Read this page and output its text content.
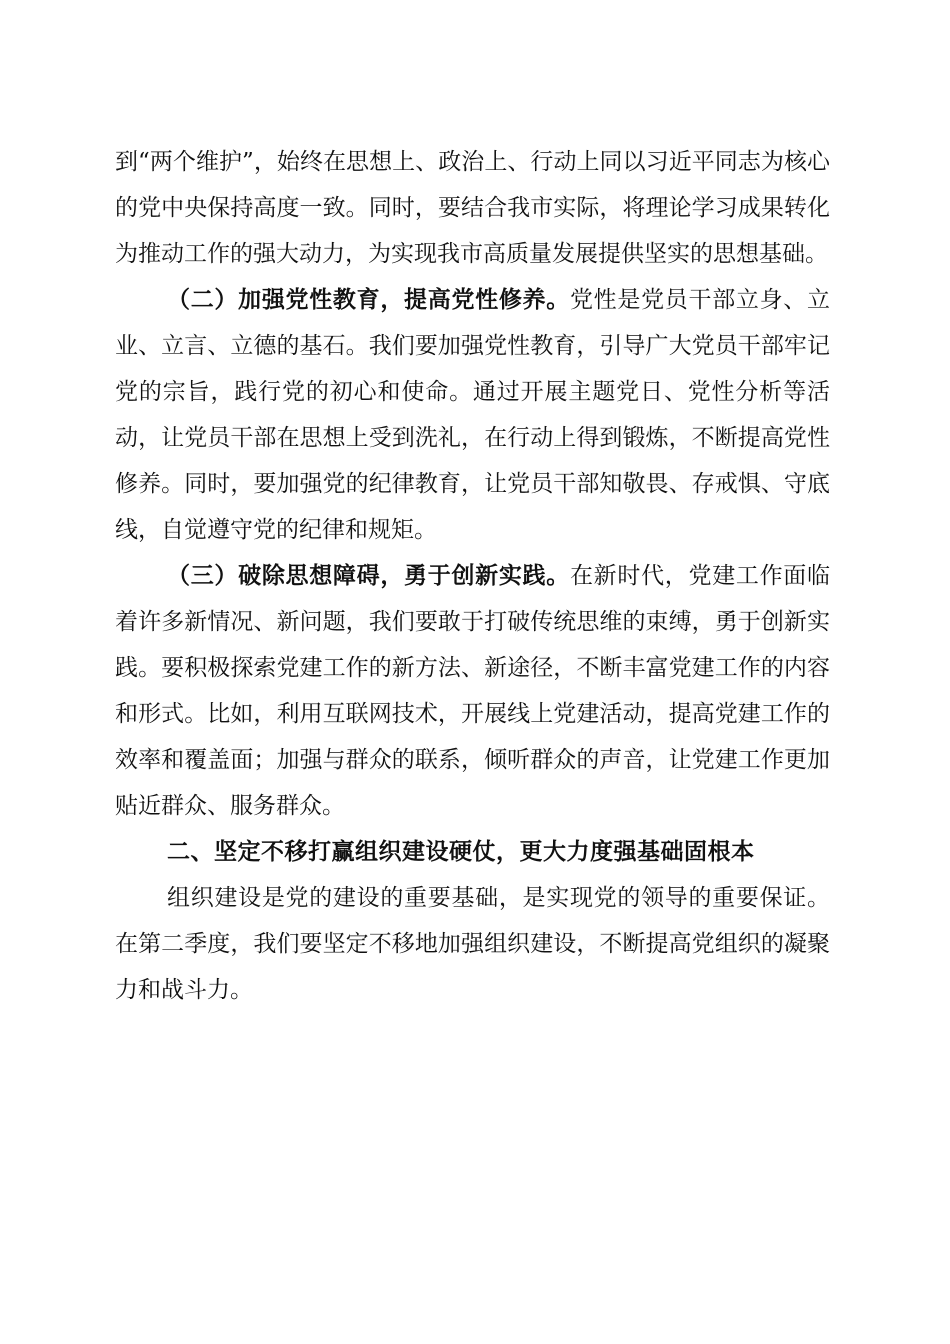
到“两个维护”，始终在思想上、政治上、行动上同以习近平同志为核心的党中央保持高度一致。同时，要结合我市实际，将理论学习成果转化为推动工作的强大动力，为实现我市高质量发展提供坚实的思想基础。

（二）加强党性教育，提高党性修养。党性是党员干部立身、立业、立言、立德的基石。我们要加强党性教育，引导广大党员干部牢记党的宗旨，践行党的初心和使命。通过开展主题党日、党性分析等活动，让党员干部在思想上受到洗礼，在行动上得到锻炼，不断提高党性修养。同时，要加强党的纪律教育，让党员干部知敬畏、存戒惧、守底线，自觉遵守党的纪律和规矩。

（三）破除思想障碍，勇于创新实践。在新时代，党建工作面临着许多新情况、新问题，我们要敢于打破传统思维的束缚，勇于创新实践。要积极探索党建工作的新方法、新途径，不断丰富党建工作的内容和形式。比如，利用互联网技术，开展线上党建活动，提高党建工作的效率和覆盖面；加强与群众的联系，倾听群众的声音，让党建工作更加贴近群众、服务群众。

二、坚定不移打赢组织建设硬仗，更大力度强基础固根本

组织建设是党的建设的重要基础，是实现党的领导的重要保证。在第二季度，我们要坚定不移地加强组织建设，不断提高党组织的凝聚力和战斗力。
